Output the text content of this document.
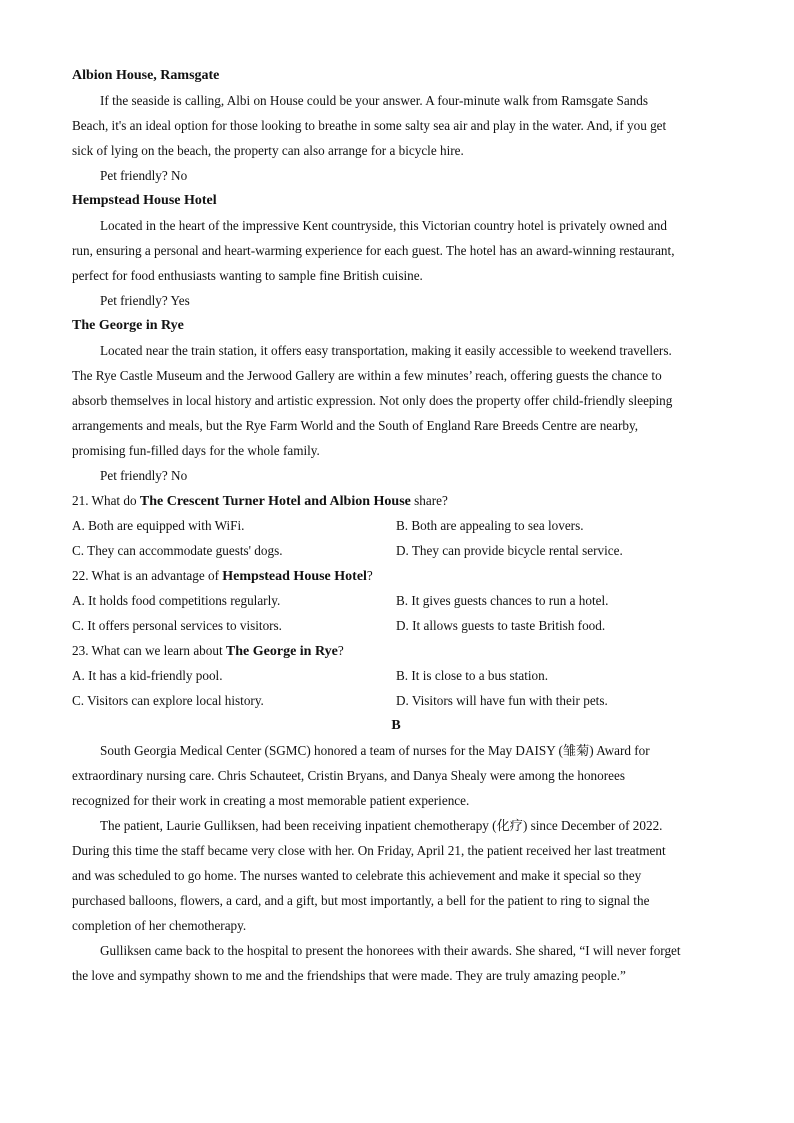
Albion House, Ramsgate
If the seaside is calling, Albi on House could be your answer. A four-minute walk from Ramsgate Sands
Beach, it's an ideal option for those looking to breathe in some salty sea air and play in the water. And, if you get
sick of lying on the beach, the property can also arrange for a bicycle hire.
Pet friendly? No
Hempstead House Hotel
Located in the heart of the impressive Kent countryside, this Victorian country hotel is privately owned and
run, ensuring a personal and heart-warming experience for each guest. The hotel has an award-winning restaurant,
perfect for food enthusiasts wanting to sample fine British cuisine.
Pet friendly? Yes
The George in Rye
Located near the train station, it offers easy transportation, making it easily accessible to weekend travellers.
The Rye Castle Museum and the Jerwood Gallery are within a few minutes’ reach, offering guests the chance to
absorb themselves in local history and artistic expression. Not only does the property offer child-friendly sleeping
arrangements and meals, but the Rye Farm World and the South of England Rare Breeds Centre are nearby,
promising fun-filled days for the whole family.
Pet friendly? No
21. What do The Crescent Turner Hotel and Albion House share?
A. Both are equipped with WiFi.	B. Both are appealing to sea lovers.
C. They can accommodate guests' dogs.	D. They can provide bicycle rental service.
22. What is an advantage of Hempstead House Hotel?
A. It holds food competitions regularly.	B. It gives guests chances to run a hotel.
C. It offers personal services to visitors.	D. It allows guests to taste British food.
23. What can we learn about The George in Rye?
A. It has a kid-friendly pool.	B. It is close to a bus station.
C. Visitors can explore local history.	D. Visitors will have fun with their pets.
B
South Georgia Medical Center (SGMC) honored a team of nurses for the May DAISY (雏菊) Award for
extraordinary nursing care. Chris Schauteet, Cristin Bryans, and Danya Shealy were among the honorees
recognized for their work in creating a most memorable patient experience.
The patient, Laurie Gulliksen, had been receiving inpatient chemotherapy (化疗) since December of 2022.
During this time the staff became very close with her. On Friday, April 21, the patient received her last treatment
and was scheduled to go home. The nurses wanted to celebrate this achievement and make it special so they
purchased balloons, flowers, a card, and a gift, but most importantly, a bell for the patient to ring to signal the
completion of her chemotherapy.
Gulliksen came back to the hospital to present the honorees with their awards. She shared, “I will never forget
the love and sympathy shown to me and the friendships that were made. They are truly amazing people.”
